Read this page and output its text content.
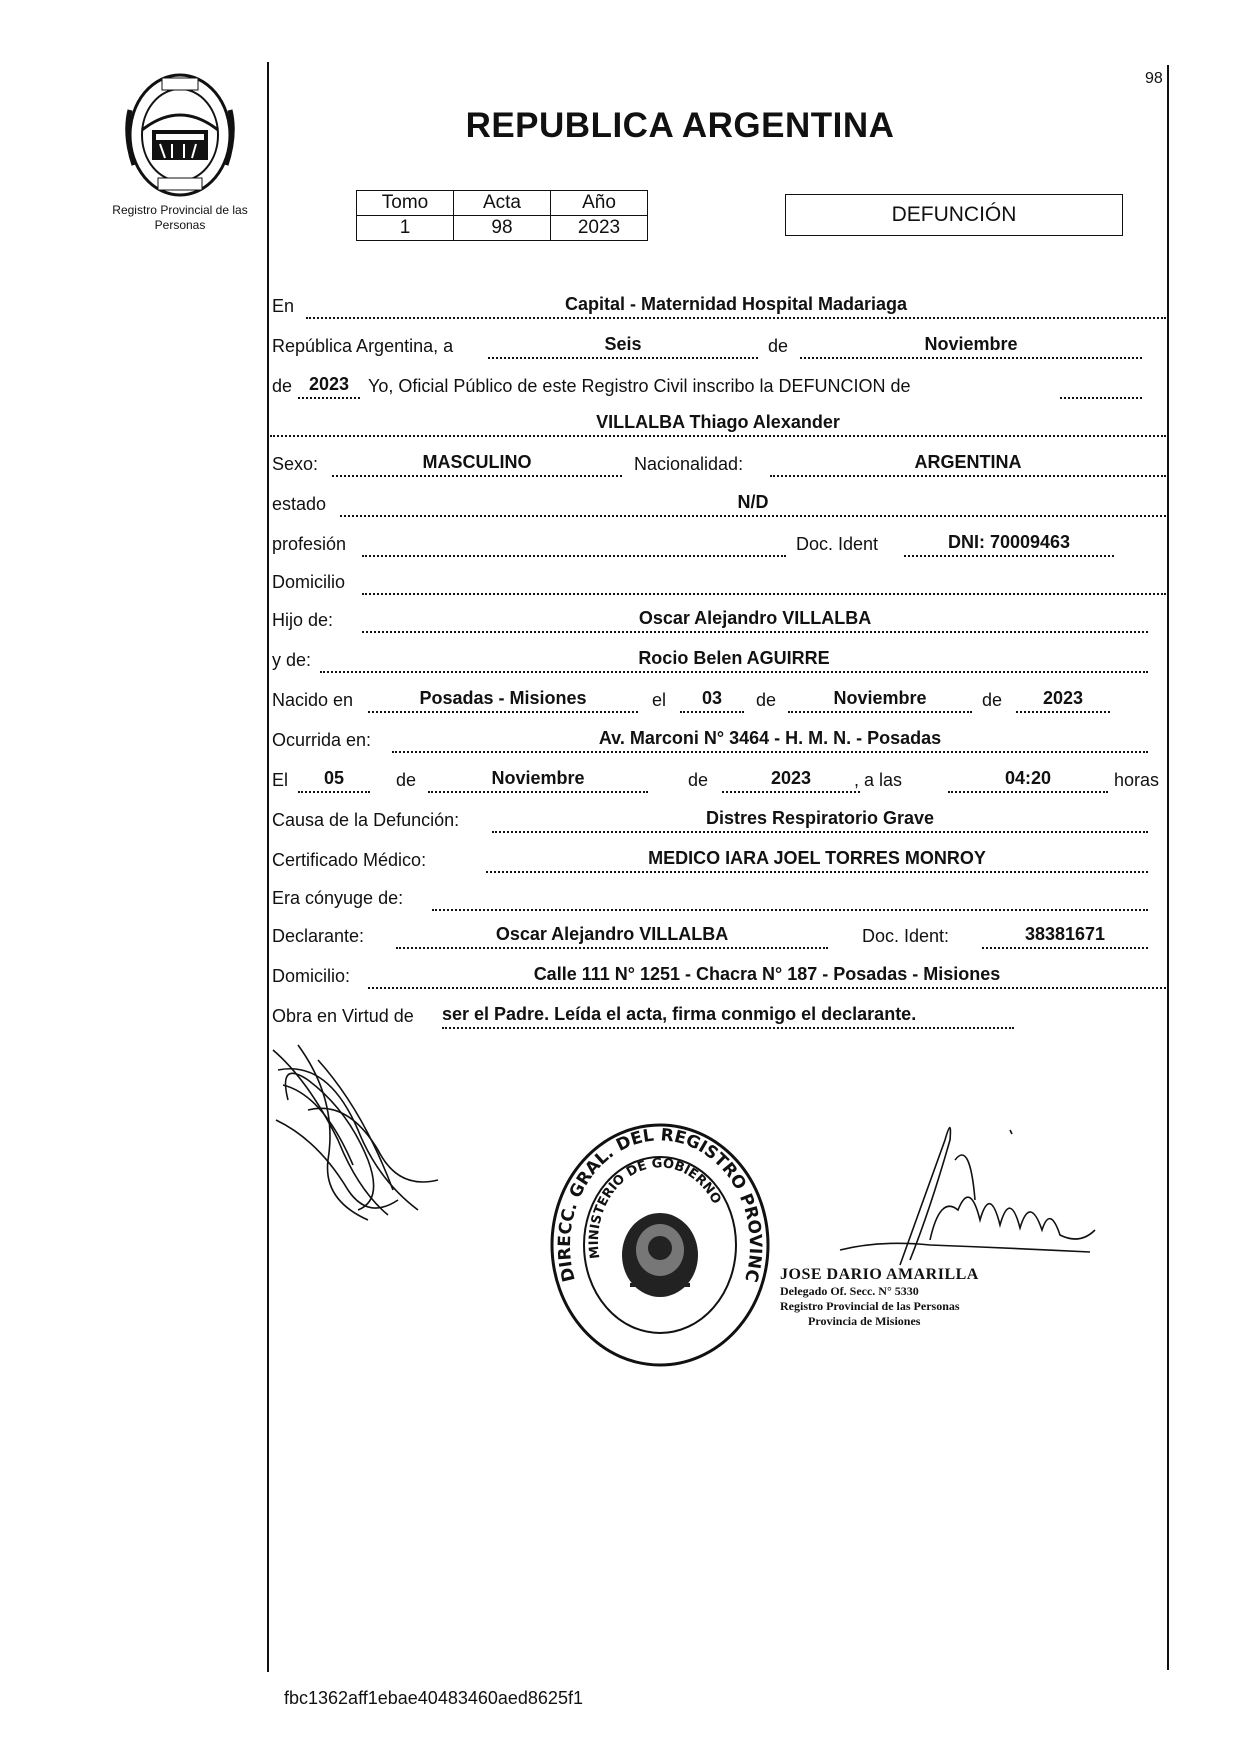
Registro Provincial de las Personas
98
REPUBLICA ARGENTINA
Tomo	Acta	Año
1	98	2023
DEFUNCIÓN
En	Capital - Maternidad Hospital Madariaga
República Argentina, a	Seis	de	Noviembre
de 2023	Yo, Oficial Público de este Registro Civil inscribo la DEFUNCION de
VILLALBA Thiago Alexander
Sexo:	MASCULINO	Nacionalidad:	ARGENTINA
estado	N/D
profesión	Doc. Ident	DNI: 70009463
Domicilio
Hijo de:	Oscar Alejandro VILLALBA
y de:	Rocio Belen AGUIRRE
Nacido en	Posadas - Misiones	el	03	de	Noviembre	de	2023
Ocurrida en:	Av. Marconi N° 3464 - H. M. N. - Posadas
El	05	de	Noviembre	de	2023	, a las	04:20	horas
Causa de la Defunción:	Distres Respiratorio Grave
Certificado Médico:	MEDICO IARA JOEL TORRES MONROY
Era cónyuge de:
Declarante:	Oscar Alejandro VILLALBA	Doc. Ident:	38381671
Domicilio:	Calle 111 N° 1251 - Chacra N° 187 - Posadas - Misiones
Obra en Virtud de ser el Padre. Leída el acta, firma conmigo el declarante.
DIRECC. GRAL. DEL REGISTRO PROVINC
MINISTERIO DE GOBIERNO
JOSE DARIO AMARILLA
Delegado Of. Secc. N° 5330
Registro Provincial de las Personas
Provincia de Misiones
fbc1362aff1ebae40483460aed8625f1
